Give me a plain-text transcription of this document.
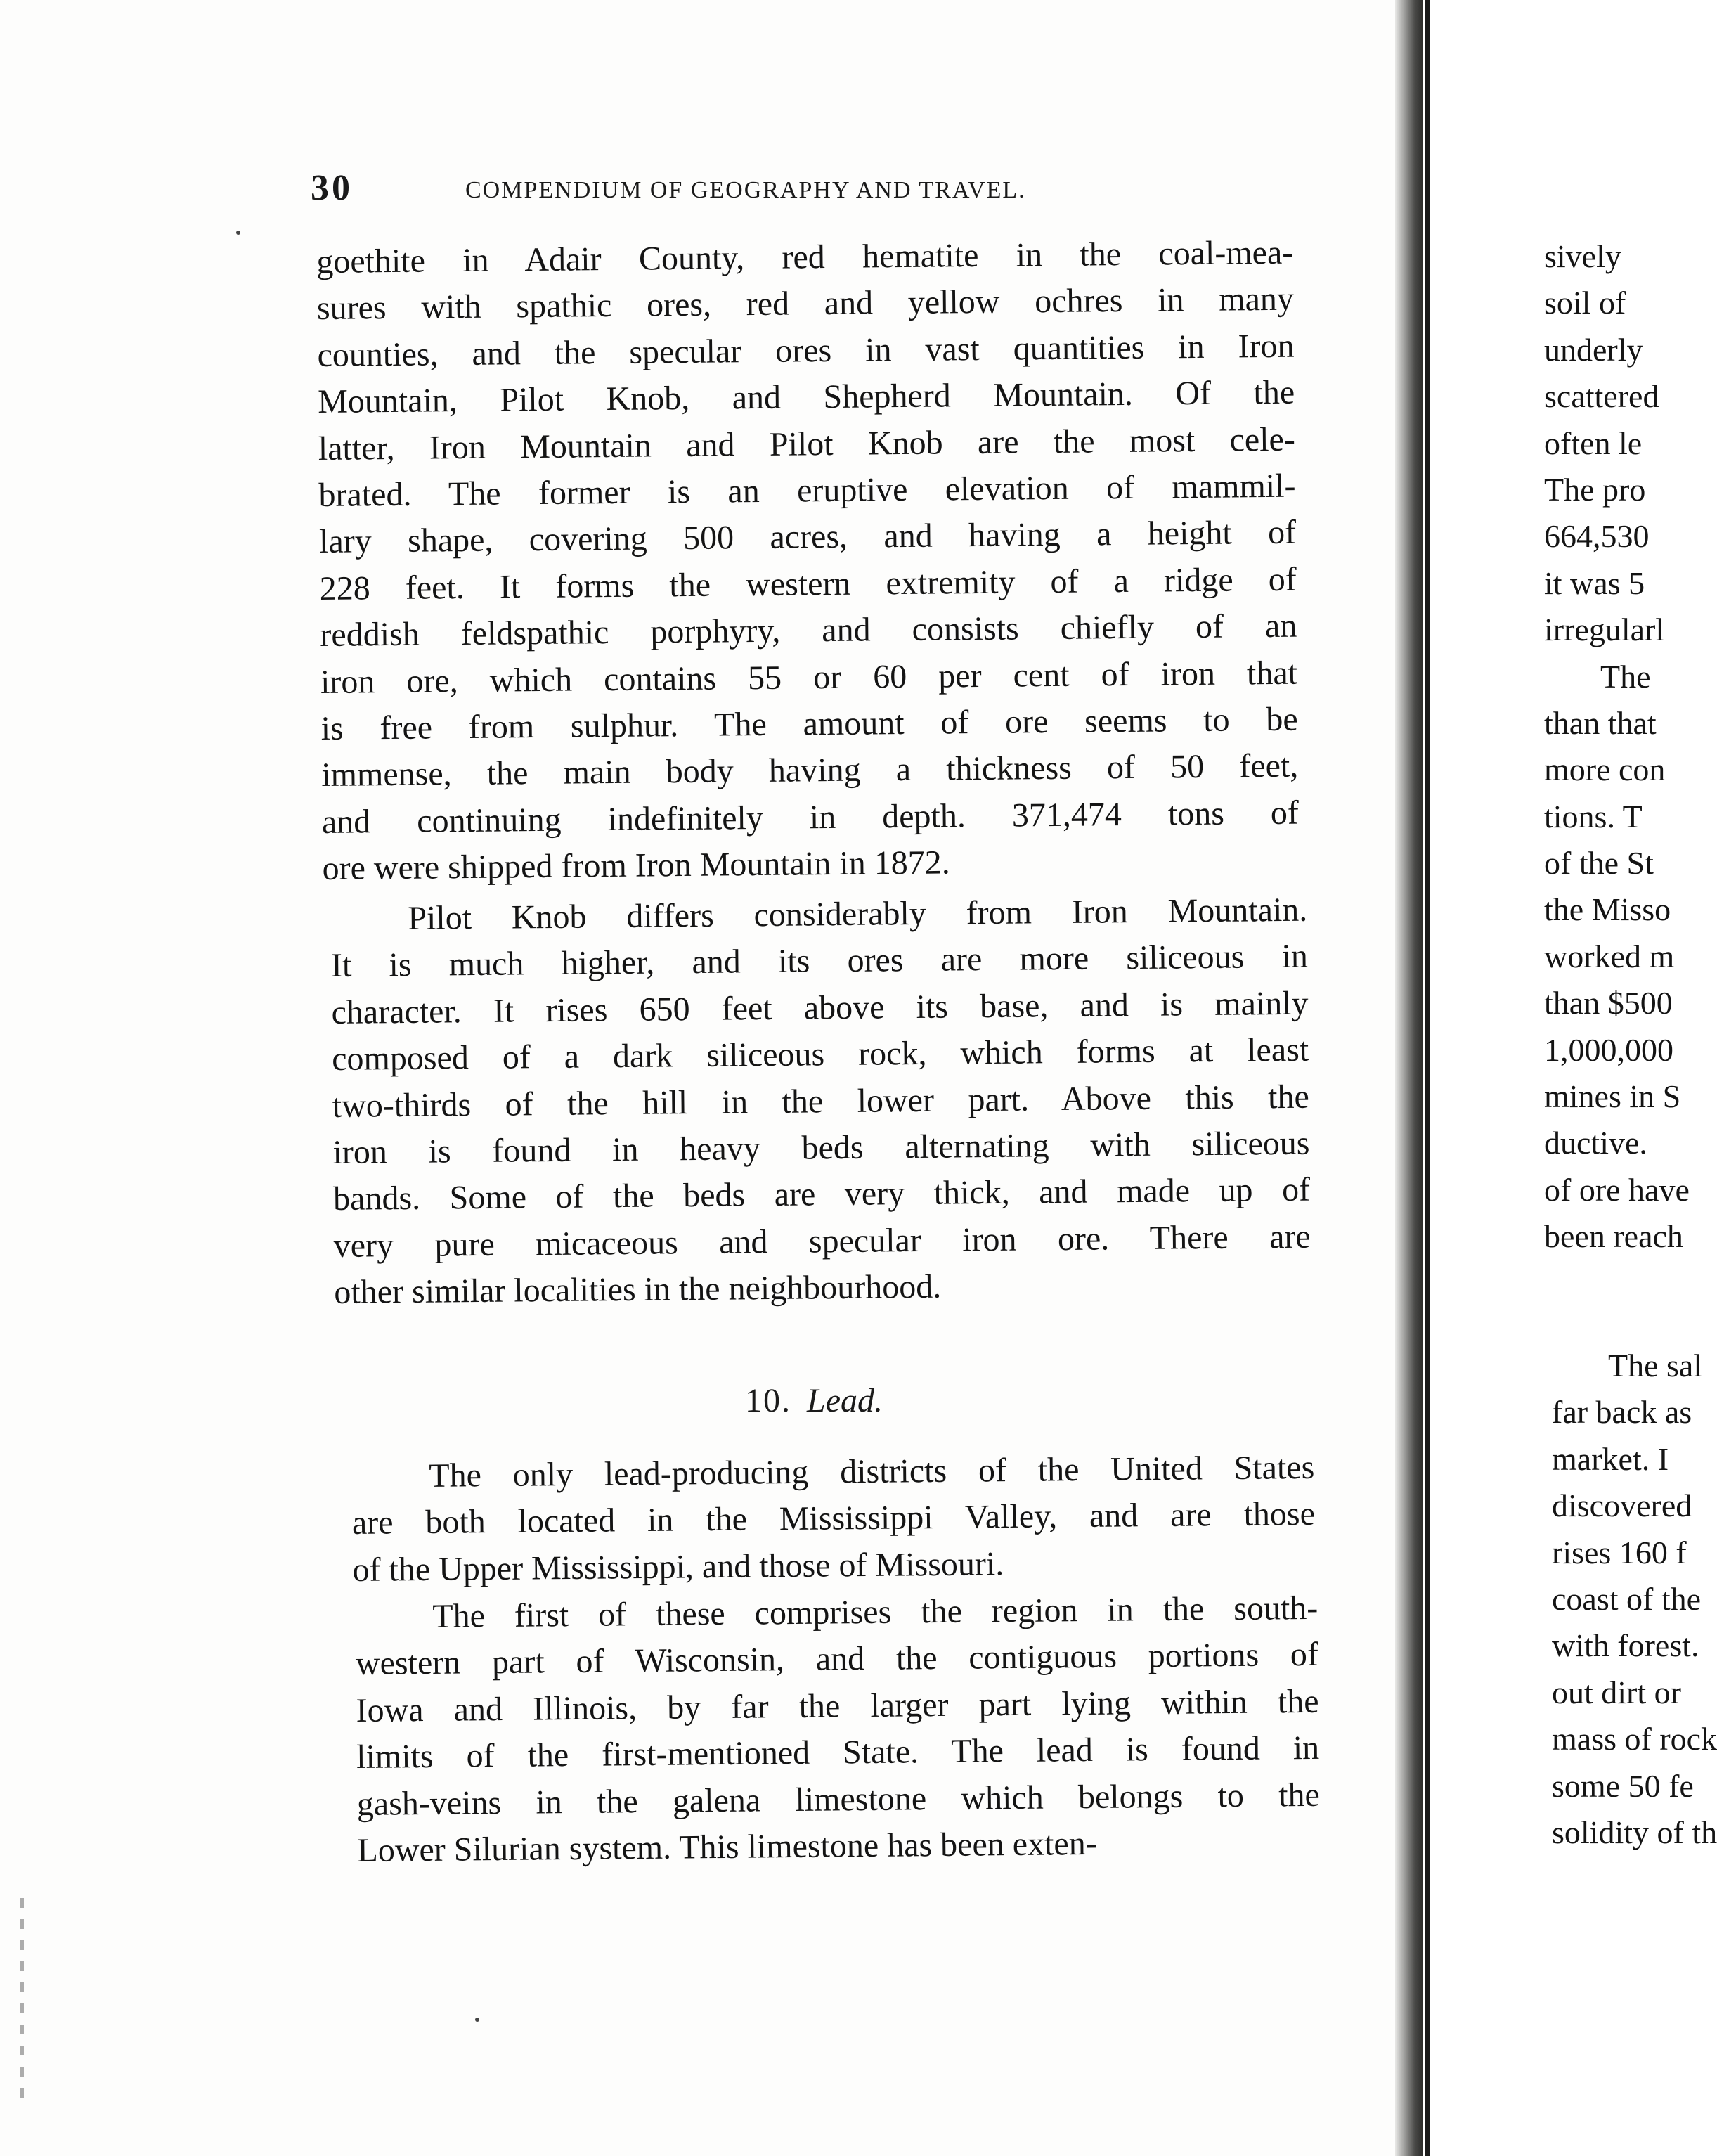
30	COMPENDIUM OF GEOGRAPHY AND TRAVEL.
goethite in Adair County, red hematite in the coal-mea-
sures with spathic ores, red and yellow ochres in many
counties, and the specular ores in vast quantities in Iron
Mountain, Pilot Knob, and Shepherd Mountain. Of the
latter, Iron Mountain and Pilot Knob are the most cele-
brated. The former is an eruptive elevation of mammil-
lary shape, covering 500 acres, and having a height of
228 feet. It forms the western extremity of a ridge of
reddish feldspathic porphyry, and consists chiefly of an
iron ore, which contains 55 or 60 per cent of iron that
is free from sulphur. The amount of ore seems to be
immense, the main body having a thickness of 50 feet,
and continuing indefinitely in depth. 371,474 tons of
ore were shipped from Iron Mountain in 1872.
Pilot Knob differs considerably from Iron Mountain.
It is much higher, and its ores are more siliceous in
character. It rises 650 feet above its base, and is mainly
composed of a dark siliceous rock, which forms at least
two-thirds of the hill in the lower part. Above this the
iron is found in heavy beds alternating with siliceous
bands. Some of the beds are very thick, and made up of
very pure micaceous and specular iron ore. There are
other similar localities in the neighbourhood.
10. Lead.
The only lead-producing districts of the United States
are both located in the Mississippi Valley, and are those
of the Upper Mississippi, and those of Missouri.
The first of these comprises the region in the south-
western part of Wisconsin, and the contiguous portions of
Iowa and Illinois, by far the larger part lying within the
limits of the first-mentioned State. The lead is found in
gash-veins in the galena limestone which belongs to the
Lower Silurian system. This limestone has been exten-
sively
soil of
underly
scattered
often le
The pro
664,530
it was 5
irregularl
The
than that
more con
tions. T
of the St
the Misso
worked m
than $500
1,000,000
mines in S
ductive.
of ore have
been reach
The sal
far back as
market. I
discovered
rises 160 f
coast of the
with forest.
out dirt or
mass of rock
some 50 fe
solidity of th
